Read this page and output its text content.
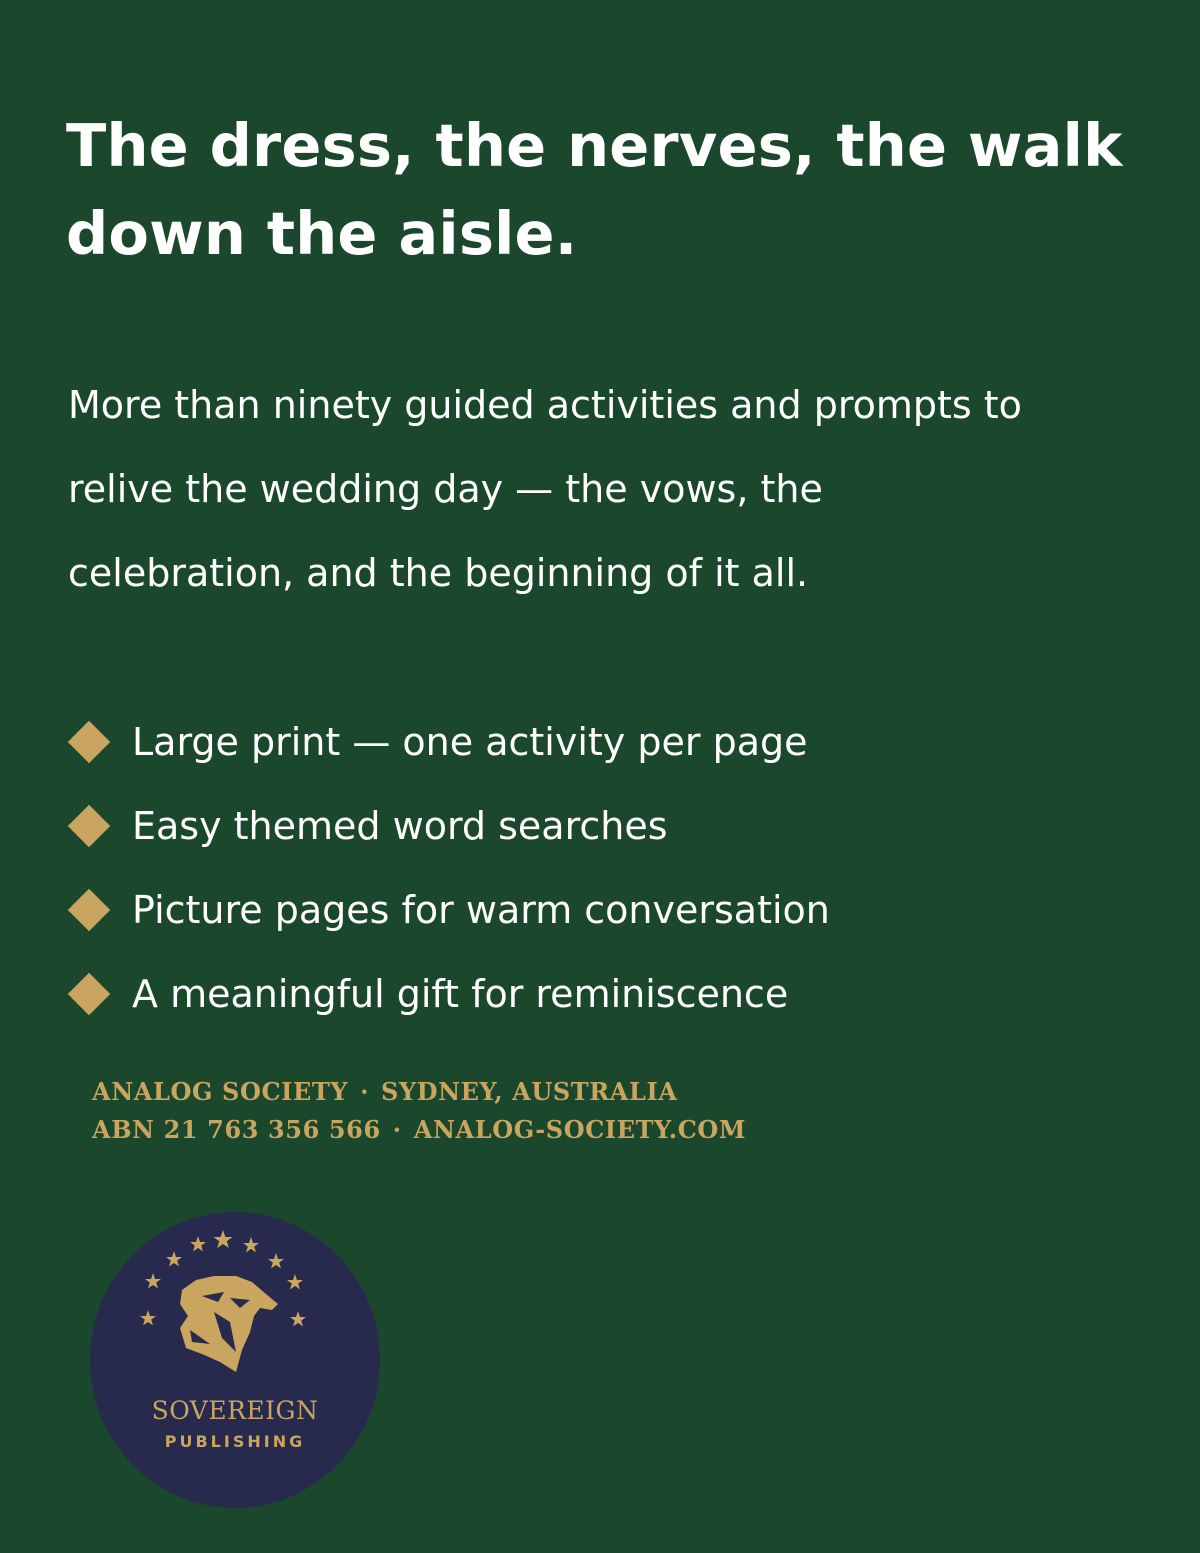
The dress, the nerves, the walk down the aisle.

More than ninety guided activities and prompts to relive the wedding day — the vows, the celebration, and the beginning of it all.

Large print — one activity per page
Easy themed word searches
Picture pages for warm conversation
A meaningful gift for reminiscence
ANALOG SOCIETY · SYDNEY, AUSTRALIA
ABN 21 763 356 566 · ANALOG-SOCIETY.COM
SOVEREIGN
PUBLISHING
